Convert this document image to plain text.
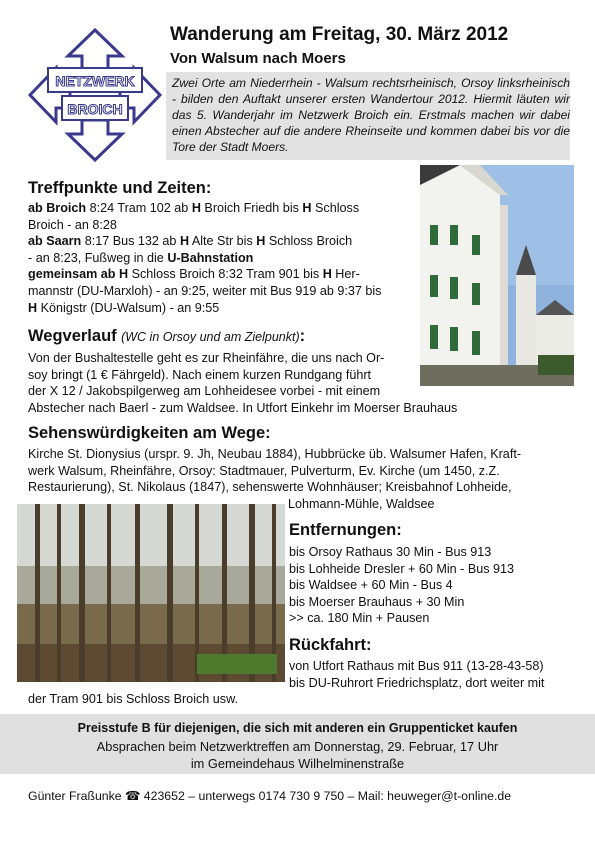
NETZWERK
BROICH
Wanderung am Freitag, 30. März 2012
Von Walsum nach Moers
Zwei Orte am Niederrhein - Walsum rechtsrheinisch, Orsoy linksrheinisch - bilden den Auftakt unserer ersten Wandertour 2012. Hiermit läuten wir das 5. Wanderjahr im Netzwerk Broich ein. Erstmals machen wir dabei einen Abstecher auf die andere Rheinseite und kommen dabei bis vor die Tore der Stadt Moers.
Treffpunkte und Zeiten:
ab Broich 8:24 Tram 102 ab H Broich Friedh bis H Schloss
Broich - an 8:28
ab Saarn 8:17 Bus 132 ab H Alte Str bis H Schloss Broich
- an 8:23, Fußweg in die U-Bahnstation
gemeinsam ab H Schloss Broich 8:32 Tram 901 bis H Her-
mannstr (DU-Marxloh) - an 9:25, weiter mit Bus 919 ab 9:37 bis
H Königstr (DU-Walsum) - an 9:55
Wegverlauf (WC in Orsoy und am Zielpunkt):
Von der Bushaltestelle geht es zur Rheinfähre, die uns nach Or-
soy bringt (1 € Fährgeld). Nach einem kurzen Rundgang führt
der X 12 / Jakobspilgerweg am Lohheidesee vorbei - mit einem
Abstecher nach Baerl - zum Waldsee. In Utfort Einkehr im Moerser Brauhaus
Sehenswürdigkeiten am Wege:
Kirche St. Dionysius (urspr. 9. Jh, Neubau 1884), Hubbrücke üb. Walsumer Hafen, Kraft-
werk Walsum, Rheinfähre, Orsoy: Stadtmauer, Pulverturm, Ev. Kirche (um 1450, z.Z.
Restaurierung), St. Nikolaus (1847), sehenswerte Wohnhäuser; Kreisbahnof Lohheide,
Lohmann-Mühle, Waldsee
Entfernungen:
bis Orsoy Rathaus 30 Min - Bus 913
bis Lohheide Dresler + 60 Min - Bus 913
bis Waldsee + 60 Min - Bus 4
bis Moerser Brauhaus + 30 Min
>> ca. 180 Min + Pausen
Rückfahrt:
von Utfort Rathaus mit Bus 911 (13-28-43-58)
bis DU-Ruhrort Friedrichsplatz, dort weiter mit
der Tram 901 bis Schloss Broich usw.
Preisstufe B für diejenigen, die sich mit anderen ein Gruppenticket kaufen
Absprachen beim Netzwerktreffen am Donnerstag, 29. Februar, 17 Uhr
im Gemeindehaus Wilhelminenstraße
Günter Fraßunke ☎ 423652 – unterwegs 0174 730 9 750 – Mail: heuweger@t-online.de
